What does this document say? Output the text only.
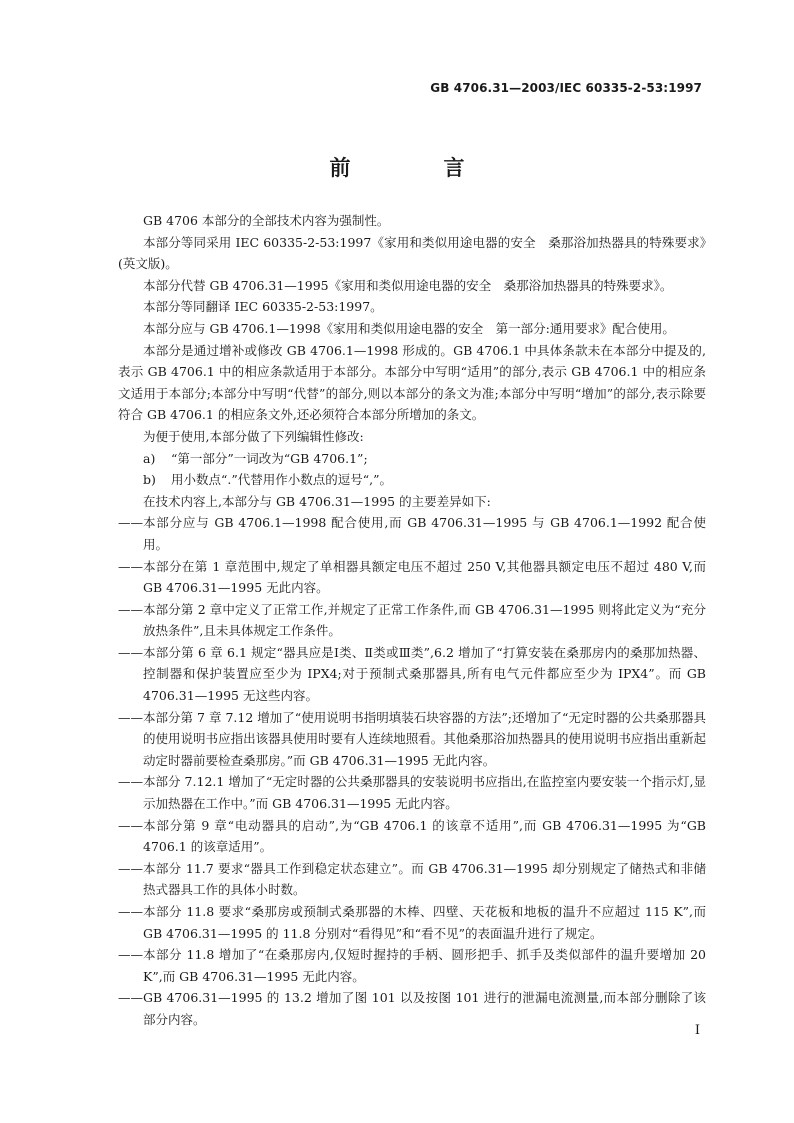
GB 4706.31—2003/IEC 60335-2-53:1997
前　言

GB 4706 本部分的全部技术内容为强制性。

本部分等同采用 IEC 60335-2-53:1997《家用和类似用途电器的安全　桑那浴加热器具的特殊要求》(英文版)。

本部分代替 GB 4706.31—1995《家用和类似用途电器的安全　桑那浴加热器具的特殊要求》。

本部分等同翻译 IEC 60335-2-53:1997。

本部分应与 GB 4706.1—1998《家用和类似用途电器的安全　第一部分:通用要求》配合使用。

本部分是通过增补或修改 GB 4706.1—1998 形成的。GB 4706.1 中具体条款未在本部分中提及的,表示 GB 4706.1 中的相应条款适用于本部分。本部分中写明“适用”的部分,表示 GB 4706.1 中的相应条文适用于本部分;本部分中写明“代替”的部分,则以本部分的条文为准;本部分中写明“增加”的部分,表示除要符合 GB 4706.1 的相应条文外,还必须符合本部分所增加的条文。

为便于使用,本部分做了下列编辑性修改:

a) “第一部分”一词改为“GB 4706.1”;

b) 用小数点“.”代替用作小数点的逗号“,”。

在技术内容上,本部分与 GB 4706.31—1995 的主要差异如下:

—— 本部分应与 GB 4706.1—1998 配合使用,而 GB 4706.31—1995 与 GB 4706.1—1992 配合使用。

—— 本部分在第 1 章范围中,规定了单相器具额定电压不超过 250 V,其他器具额定电压不超过 480 V,而 GB 4706.31—1995 无此内容。

—— 本部分第 2 章中定义了正常工作,并规定了正常工作条件,而 GB 4706.31—1995 则将此定义为“充分放热条件”,且未具体规定工作条件。

—— 本部分第 6 章 6.1 规定“器具应是Ⅰ类、Ⅱ类或Ⅲ类”,6.2 增加了“打算安装在桑那房内的桑那加热器、控制器和保护装置应至少为 IPX4;对于预制式桑那器具,所有电气元件都应至少为 IPX4”。而 GB 4706.31—1995 无这些内容。

—— 本部分第 7 章 7.12 增加了“使用说明书指明填装石块容器的方法”;还增加了“无定时器的公共桑那器具的使用说明书应指出该器具使用时要有人连续地照看。其他桑那浴加热器具的使用说明书应指出重新起动定时器前要检查桑那房。”而 GB 4706.31—1995 无此内容。

—— 本部分 7.12.1 增加了“无定时器的公共桑那器具的安装说明书应指出,在监控室内要安装一个指示灯,显示加热器在工作中。”而 GB 4706.31—1995 无此内容。

—— 本部分第 9 章“电动器具的启动”,为“GB 4706.1 的该章不适用”,而 GB 4706.31—1995 为“GB 4706.1 的该章适用”。

—— 本部分 11.7 要求“器具工作到稳定状态建立”。而 GB 4706.31—1995 却分别规定了储热式和非储热式器具工作的具体小时数。

—— 本部分 11.8 要求“桑那房或预制式桑那器的木棒、四壁、天花板和地板的温升不应超过 115 K”,而 GB 4706.31—1995 的 11.8 分别对“看得见”和“看不见”的表面温升进行了规定。

—— 本部分 11.8 增加了“在桑那房内,仅短时握持的手柄、圆形把手、抓手及类似部件的温升要增加 20 K”,而 GB 4706.31—1995 无此内容。

—— GB 4706.31—1995 的 13.2 增加了图 101 以及按图 101 进行的泄漏电流测量,而本部分删除了该部分内容。

Ⅰ
